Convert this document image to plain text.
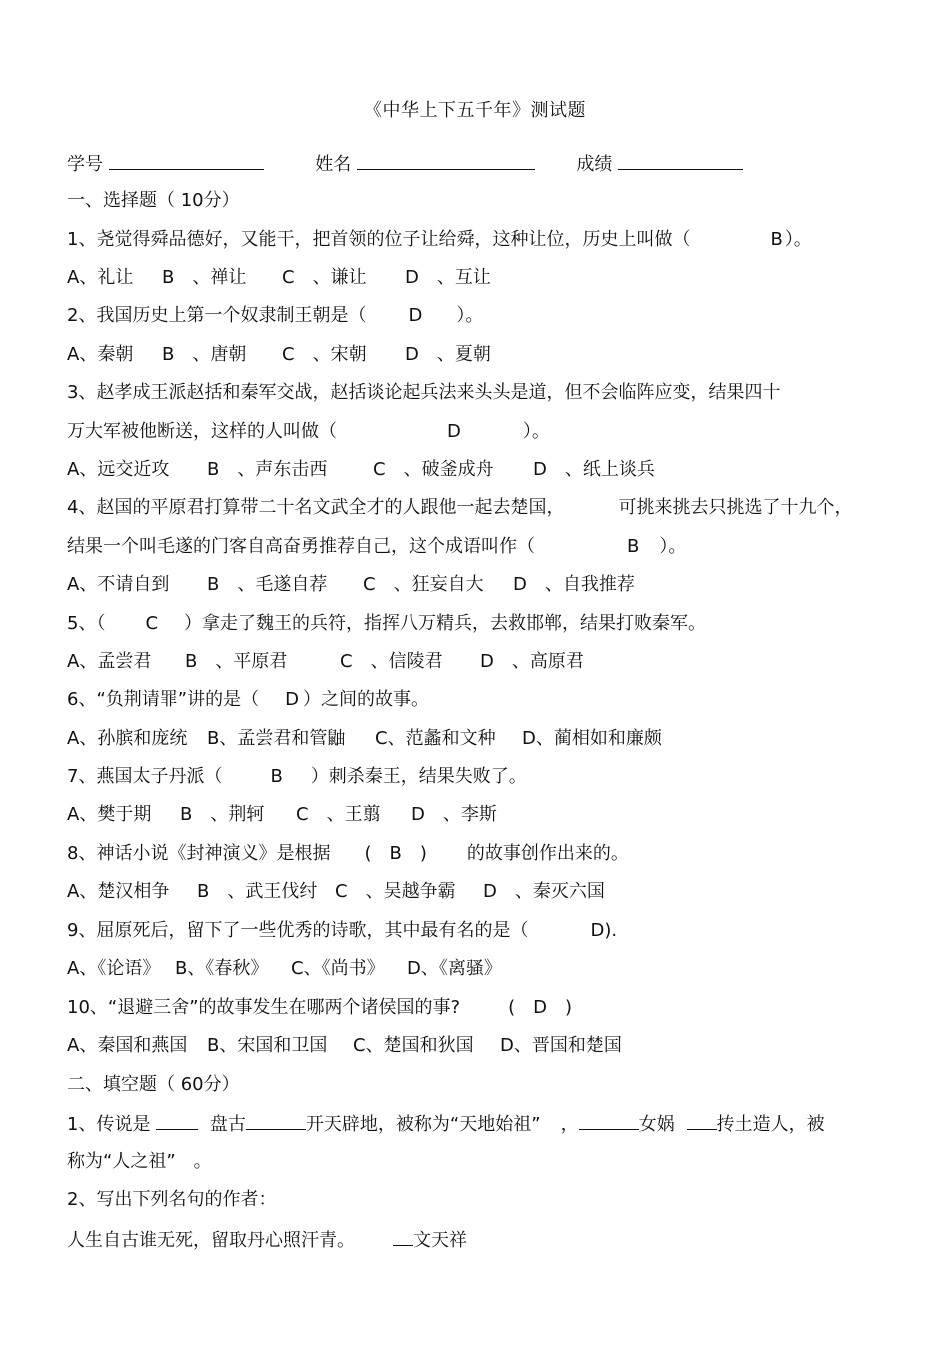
《中华上下五千年》测试题
学号	姓名	成绩
一、选择题（ 10分）
1、尧觉得舜品德好，又能干，把首领的位子让给舜，这种让位，历史上叫做（	B ）。
A、礼让 B　、禅让 C　、谦让 D　、互让
2、我国历史上第一个奴隶制王朝是（ D ）。
A、秦朝 B　、唐朝 C　、宋朝 D　、夏朝
3、赵孝成王派赵括和秦军交战，赵括谈论起兵法来头头是道，但不会临阵应变，结果四十
万大军被他断送，这样的人叫做（	D	）。
A、远交近攻 B　、声东击西	C　、破釜成舟 D　、纸上谈兵
4、赵国的平原君打算带二十名文武全才的人跟他一起去楚国，	可挑来挑去只挑选了十九个，
结果一个叫毛遂的门客自高奋勇推荐自己，这个成语叫作（	B ）。
A、不请自到 B　、毛遂自荐 C　、狂妄自大 D　、自我推荐
5、（ C ）拿走了魏王的兵符，指挥八万精兵，去救邯郸，结果打败秦军。
A、孟尝君 B　、平原君	C　、信陵君 D　、高原君
6、“负荆请罪”讲的是（ D ）之间的故事。
A、孙膑和庞统 B、孟尝君和管鼬 C、范蠡和文种 D、蔺相如和廉颇
7、燕国太子丹派（	B ）刺杀秦王，结果失败了。
A、樊于期 B　、荆轲 C　、王翦 D　、李斯
8、神话小说《封神演义》是根据 (　B　) 的故事创作出来的。
A、楚汉相争 B　、武王伐纣 C　、吴越争霸 D　、秦灭六国
9、屈原死后，留下了一些优秀的诗歌，其中最有名的是（	D).
A、《论语》 B、《春秋》 C、《尚书》 D、《离骚》
10、“退避三舍”的故事发生在哪两个诸侯国的事?	(　D　)
A、秦国和燕国 B、宋国和卫国 C、楚国和狄国 D、晋国和楚国
二、填空题（ 60分）
1、传说是	盘古	开天辟地，被称为“天地始祖” ，	女娲 抟土造人，被
称为“人之祖”　。
2、写出下列名句的作者：
人生自古谁无死，留取丹心照汗青。	文天祥
